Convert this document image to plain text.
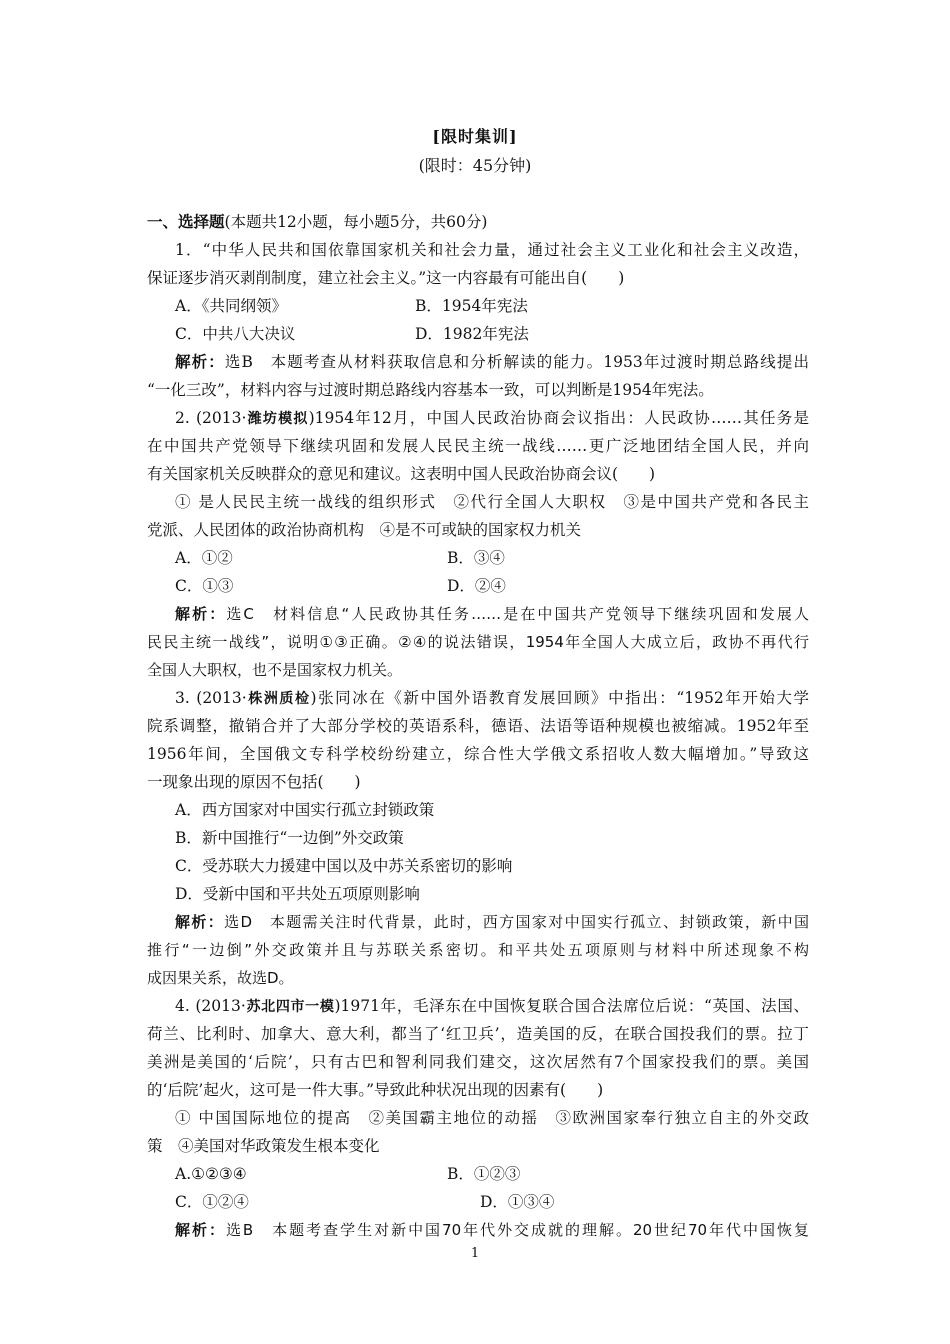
[限时集训]
(限时：45分钟)
一、选择题(本题共12小题，每小题5分，共60分)
1．“中华人民共和国依靠国家机关和社会力量，通过社会主义工业化和社会主义改造，
保证逐步消灭剥削制度，建立社会主义。”这一内容最有可能出自(　　)
A．《共同纲领》	B．1954年宪法
C．中共八大决议	D．1982年宪法
解析：选B　本题考查从材料获取信息和分析解读的能力。1953年过渡时期总路线提出
“一化三改”，材料内容与过渡时期总路线内容基本一致，可以判断是1954年宪法。
2. (2013·潍坊模拟)1954年12月，中国人民政治协商会议指出：人民政协……其任务是
在中国共产党领导下继续巩固和发展人民民主统一战线……更广泛地团结全国人民，并向
有关国家机关反映群众的意见和建议。这表明中国人民政治协商会议(　　)
① 是人民民主统一战线的组织形式　②代行全国人大职权　③是中国共产党和各民主
党派、人民团体的政治协商机构　④是不可或缺的国家权力机关
A．①②	B．③④
C．①③	D．②④
解析：选C　材料信息“人民政协其任务……是在中国共产党领导下继续巩固和发展人
民民主统一战线”，说明①③正确。②④的说法错误，1954年全国人大成立后，政协不再代行
全国人大职权，也不是国家权力机关。
3. (2013·株洲质检)张同冰在《新中国外语教育发展回顾》中指出：“1952年开始大学
院系调整，撤销合并了大部分学校的英语系科，德语、法语等语种规模也被缩减。1952年至
1956年间，全国俄文专科学校纷纷建立，综合性大学俄文系招收人数大幅增加。”导致这
一现象出现的原因不包括(　　)
A．西方国家对中国实行孤立封锁政策
B．新中国推行“一边倒”外交政策
C．受苏联大力援建中国以及中苏关系密切的影响
D．受新中国和平共处五项原则影响
解析：选D　本题需关注时代背景，此时，西方国家对中国实行孤立、封锁政策，新中国
推行“一边倒”外交政策并且与苏联关系密切。和平共处五项原则与材料中所述现象不构
成因果关系，故选D。
4. (2013·苏北四市一模)1971年，毛泽东在中国恢复联合国合法席位后说：“英国、法国、
荷兰、比利时、加拿大、意大利，都当了‘红卫兵’，造美国的反，在联合国投我们的票。拉丁
美洲是美国的‘后院’，只有古巴和智利同我们建交，这次居然有7个国家投我们的票。美国
的‘后院’起火，这可是一件大事。”导致此种状况出现的因素有(　　)
① 中国国际地位的提高　②美国霸主地位的动摇　③欧洲国家奉行独立自主的外交政
策　④美国对华政策发生根本变化
A.①②③④	B．①②③
C．①②④	D．①③④
解析：选B　本题考查学生对新中国70年代外交成就的理解。20世纪70年代中国恢复
1
